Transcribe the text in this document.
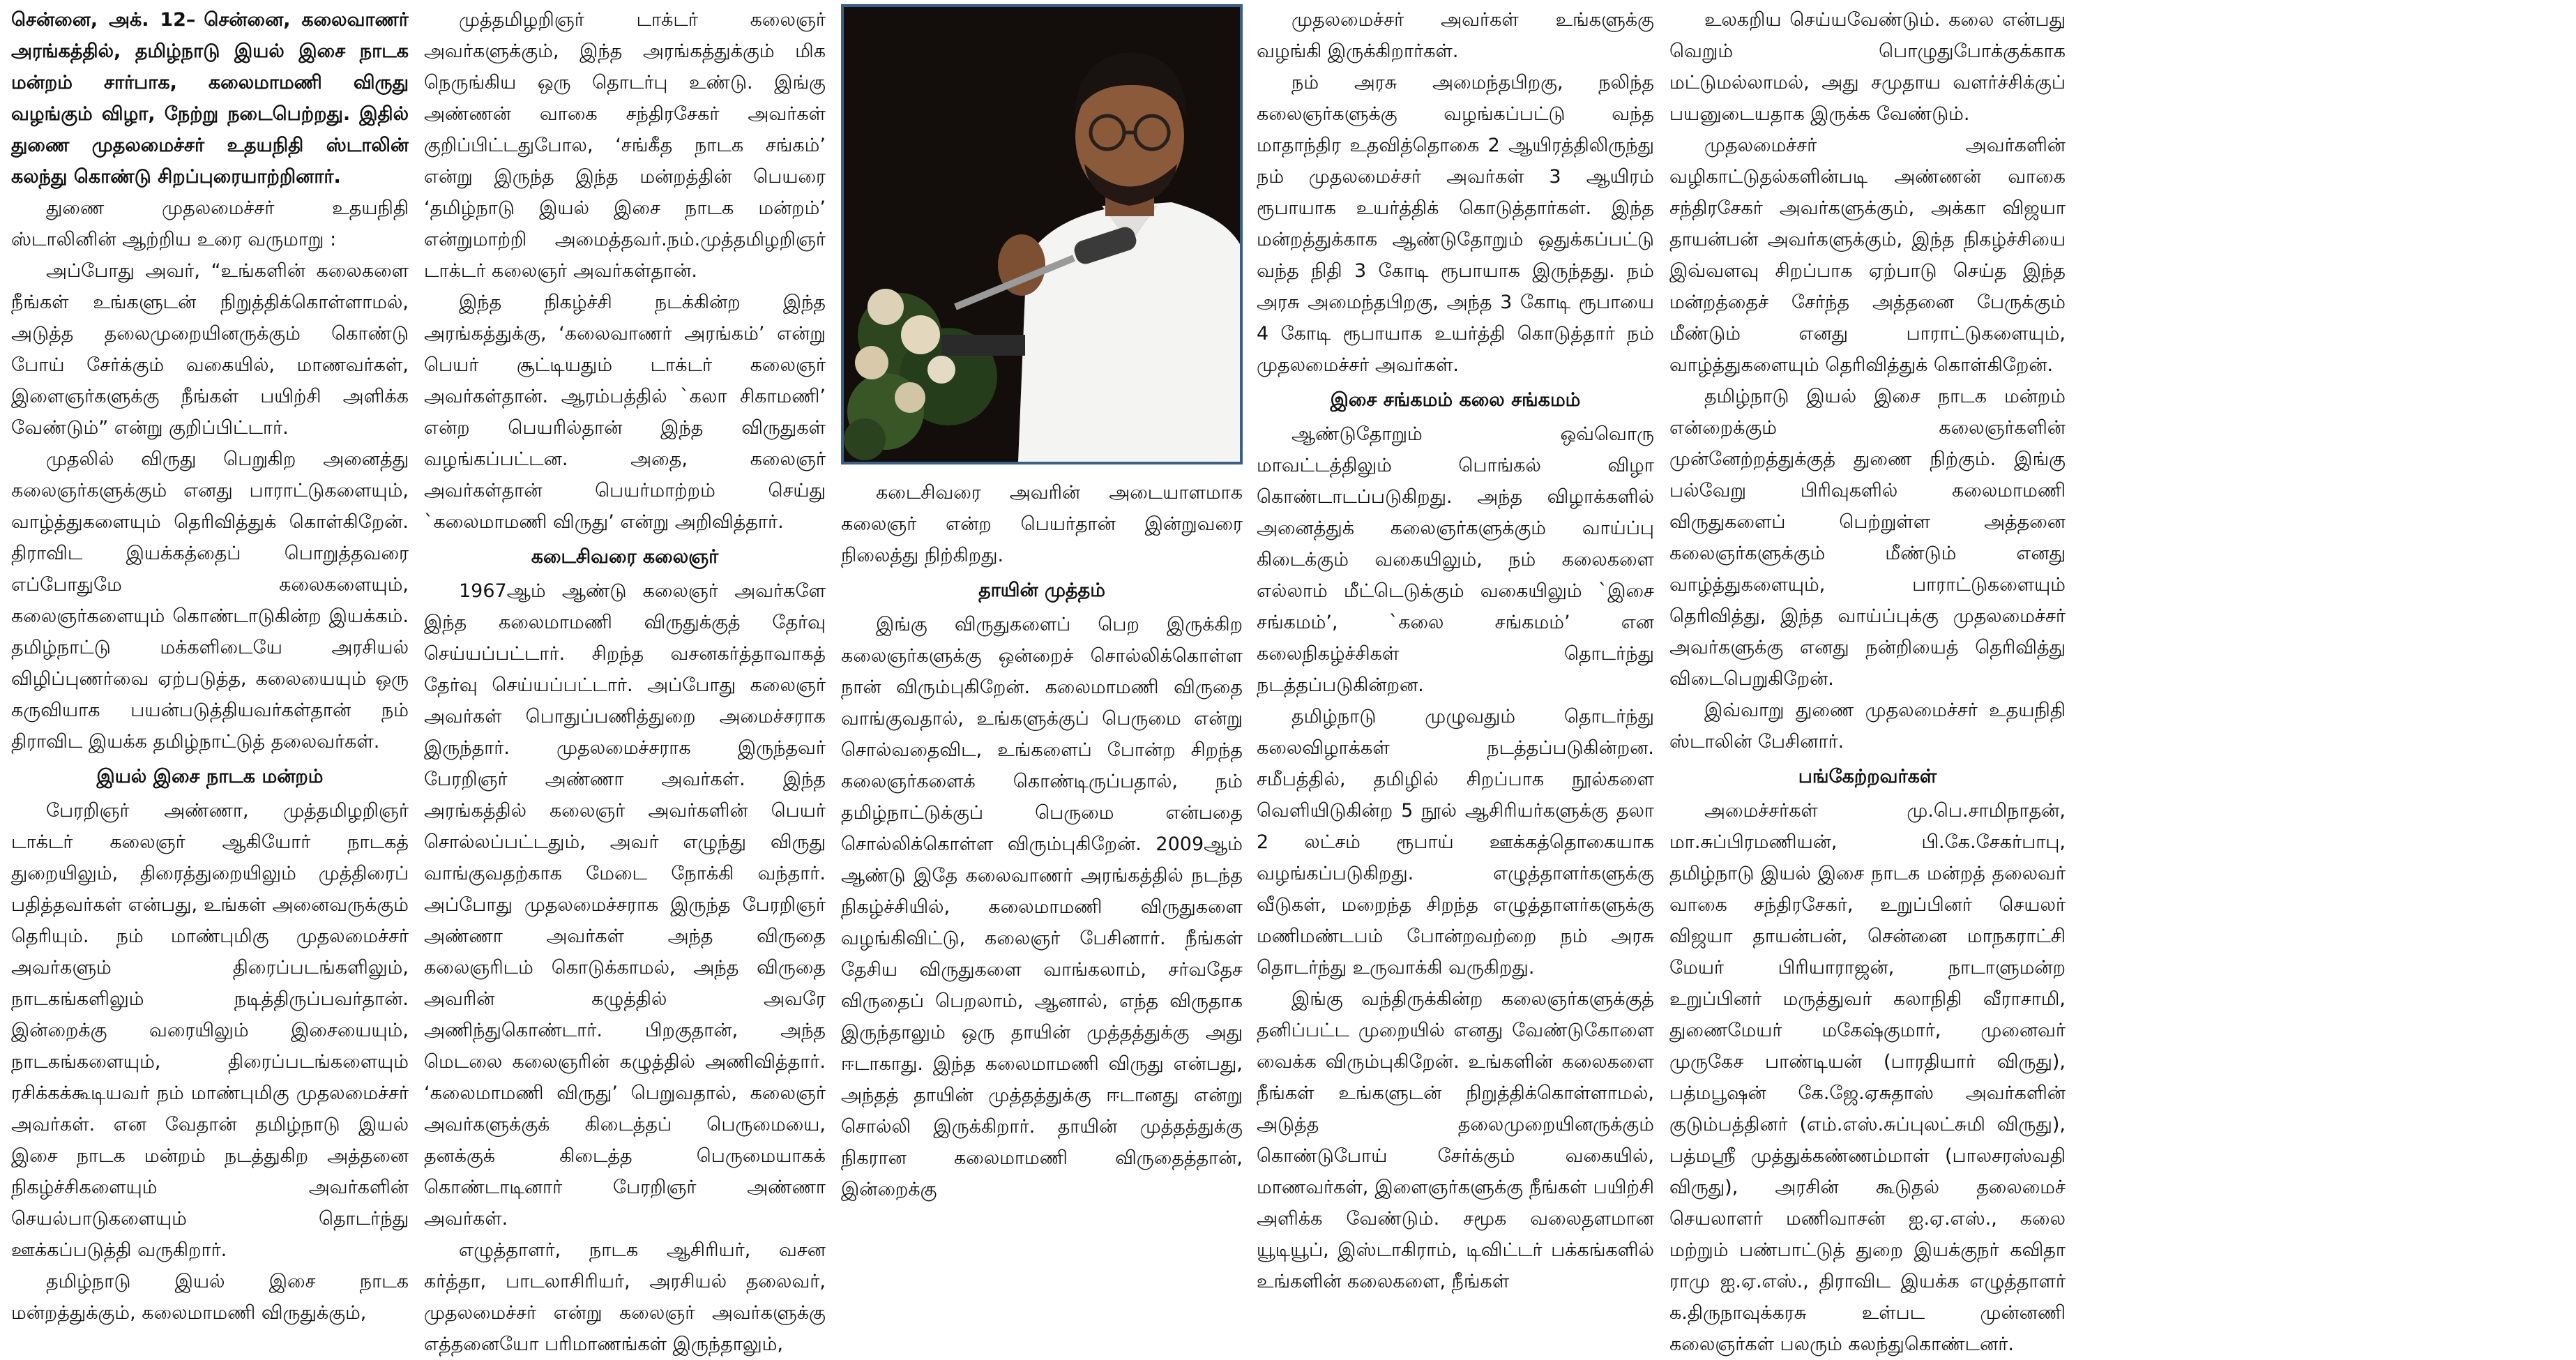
சென்னை, அக். 12– சென்னை, கலைவாணர் அரங்கத்தில், தமிழ்நாடு இயல் இசை நாடக மன்றம் சார்பாக, கலைமாமணி விருது வழங்கும் விழா, நேற்று நடைபெற்றது. இதில் துணை முதலமைச்சர் உதயநிதி ஸ்டாலின் கலந்து கொண்டு சிறப்புரையாற்றினார்.

துணை முதலமைச்சர் உதயநிதி ஸ்டாலினின் ஆற்றிய உரை வருமாறு :

அப்போது அவர், “உங்களின் கலைகளை நீங்கள் உங்களுடன் நிறுத்திக்கொள்ளாமல், அடுத்த தலைமுறையினருக்கும் கொண்டு போய் சேர்க்கும் வகையில், மாணவர்கள், இளைஞர்களுக்கு நீங்கள் பயிற்சி அளிக்க வேண்டும்” என்று குறிப்பிட்டார்.

முதலில் விருது பெறுகிற அனைத்து கலைஞர்களுக்கும் எனது பாராட்டுகளையும், வாழ்த்துகளையும் தெரிவித்துக் கொள்கிறேன். திராவிட இயக்கத்தைப் பொறுத்தவரை எப்போதுமே கலைகளையும், கலைஞர்களையும் கொண்டாடுகின்ற இயக்கம். தமிழ்நாட்டு மக்களிடையே அரசியல் விழிப்புணர்வை ஏற்படுத்த, கலையையும் ஒரு கருவியாக பயன்படுத்தியவர்கள்தான் நம் திராவிட இயக்க தமிழ்நாட்டுத் தலைவர்கள்.

இயல் இசை நாடக மன்றம்

பேரறிஞர் அண்ணா, முத்தமிழறிஞர் டாக்டர் கலைஞர் ஆகியோர் நாடகத் துறையிலும், திரைத்துறையிலும் முத்திரைப் பதித்தவர்கள் என்பது, உங்கள் அனைவருக்கும் தெரியும். நம் மாண்புமிகு முதலமைச்சர் அவர்களும் திரைப்படங்களிலும், நாடகங்களிலும் நடித்திருப்பவர்தான். இன்றைக்கு வரையிலும் இசையையும், நாடகங்களையும், திரைப்படங்களையும் ரசிக்கக்கூடியவர் நம் மாண்புமிகு முதலமைச்சர் அவர்கள். என வேதான் தமிழ்நாடு இயல் இசை நாடக மன்றம் நடத்துகிற அத்தனை நிகழ்ச்சிகளையும் அவர்களின் செயல்பாடுகளையும் தொடர்ந்து ஊக்கப்படுத்தி வருகிறார்.

தமிழ்நாடு இயல் இசை நாடக மன்றத்துக்கும், கலைமாமணி விருதுக்கும்,

முத்தமிழறிஞர் டாக்டர் கலைஞர் அவர்களுக்கும், இந்த அரங்கத்துக்கும் மிக நெருங்கிய ஒரு தொடர்பு உண்டு. இங்கு அண்ணன் வாகை சந்திரசேகர் அவர்கள் குறிப்பிட்டதுபோல, ‘சங்கீத நாடக சங்கம்’ என்று இருந்த இந்த மன்றத்தின் பெயரை ‘தமிழ்நாடு இயல் இசை நாடக மன்றம்’ என்றுமாற்றி அமைத்தவர்.நம்.முத்தமிழறிஞர் டாக்டர் கலைஞர் அவர்கள்தான்.

இந்த நிகழ்ச்சி நடக்கின்ற இந்த அரங்கத்துக்கு, ‘கலைவாணர் அரங்கம்’ என்று பெயர் சூட்டியதும் டாக்டர் கலைஞர் அவர்கள்தான். ஆரம்பத்தில் `கலா சிகாமணி’ என்ற பெயரில்தான் இந்த விருதுகள் வழங்கப்பட்டன. அதை, கலைஞர் அவர்கள்தான் பெயர்மாற்றம் செய்து `கலைமாமணி விருது’ என்று அறிவித்தார்.

கடைசிவரை கலைஞர்

1967ஆம் ஆண்டு கலைஞர் அவர்களே இந்த கலைமாமணி விருதுக்குத் தேர்வு செய்யப்பட்டார். சிறந்த வசனகர்த்தாவாகத் தேர்வு செய்யப்பட்டார். அப்போது கலைஞர் அவர்கள் பொதுப்பணித்துறை அமைச்சராக இருந்தார். முதலமைச்சராக இருந்தவர் பேரறிஞர் அண்ணா அவர்கள். இந்த அரங்கத்தில் கலைஞர் அவர்களின் பெயர் சொல்லப்பட்டதும், அவர் எழுந்து விருது வாங்குவதற்காக மேடை நோக்கி வந்தார். அப்போது முதலமைச்சராக இருந்த பேரறிஞர் அண்ணா அவர்கள் அந்த விருதை கலைஞரிடம் கொடுக்காமல், அந்த விருதை அவரின் கழுத்தில் அவரே அணிந்துகொண்டார். பிறகுதான், அந்த மெடலை கலைஞரின் கழுத்தில் அணிவித்தார். ‘கலைமாமணி விருது’ பெறுவதால், கலைஞர் அவர்களுக்குக் கிடைத்தப் பெருமையை, தனக்குக் கிடைத்த பெருமையாகக் கொண்டாடினார் பேரறிஞர் அண்ணா அவர்கள்.

எழுத்தாளர், நாடக ஆசிரியர், வசன கர்த்தா, பாடலாசிரியர், அரசியல் தலைவர், முதலமைச்சர் என்று கலைஞர் அவர்களுக்கு எத்தனையோ பரிமாணங்கள் இருந்தாலும்,

கடைசிவரை அவரின் அடையாளமாக கலைஞர் என்ற பெயர்தான் இன்றுவரை நிலைத்து நிற்கிறது.

தாயின் முத்தம்

இங்கு விருதுகளைப் பெற இருக்கிற கலைஞர்களுக்கு ஒன்றைச் சொல்லிக்கொள்ள நான் விரும்புகிறேன். கலைமாமணி விருதை வாங்குவதால், உங்களுக்குப் பெருமை என்று சொல்வதைவிட, உங்களைப் போன்ற சிறந்த கலைஞர்களைக் கொண்டிருப்பதால், நம் தமிழ்நாட்டுக்குப் பெருமை என்பதை சொல்லிக்கொள்ள விரும்புகிறேன். 2009ஆம் ஆண்டு இதே கலைவாணர் அரங்கத்தில் நடந்த நிகழ்ச்சியில், கலைமாமணி விருதுகளை வழங்கிவிட்டு, கலைஞர் பேசினார். நீங்கள் தேசிய விருதுகளை வாங்கலாம், சர்வதேச விருதைப் பெறலாம், ஆனால், எந்த விருதாக இருந்தாலும் ஒரு தாயின் முத்தத்துக்கு அது ஈடாகாது. இந்த கலைமாமணி விருது என்பது, அந்தத் தாயின் முத்தத்துக்கு ஈடானது என்று சொல்லி இருக்கிறார். தாயின் முத்தத்துக்கு நிகரான கலைமாமணி விருதைத்தான், இன்றைக்கு

முதலமைச்சர் அவர்கள் உங்களுக்கு வழங்கி இருக்கிறார்கள்.

நம் அரசு அமைந்தபிறகு, நலிந்த கலைஞர்களுக்கு வழங்கப்பட்டு வந்த மாதாந்திர உதவித்தொகை 2 ஆயிரத்திலிருந்து நம் முதலமைச்சர் அவர்கள் 3 ஆயிரம் ரூபாயாக உயர்த்திக் கொடுத்தார்கள். இந்த மன்றத்துக்காக ஆண்டுதோறும் ஒதுக்கப்பட்டு வந்த நிதி 3 கோடி ரூபாயாக இருந்தது. நம் அரசு அமைந்தபிறகு, அந்த 3 கோடி ரூபாயை 4 கோடி ரூபாயாக உயர்த்தி கொடுத்தார் நம் முதலமைச்சர் அவர்கள்.

இசை சங்கமம் கலை சங்கமம்

ஆண்டுதோறும் ஒவ்வொரு மாவட்டத்திலும் பொங்கல் விழா கொண்டாடப்படுகிறது. அந்த விழாக்களில் அனைத்துக் கலைஞர்களுக்கும் வாய்ப்பு கிடைக்கும் வகையிலும், நம் கலைகளை எல்லாம் மீட்டெடுக்கும் வகையிலும் `இசை சங்கமம்’, `கலை சங்கமம்’ என கலைநிகழ்ச்சிகள் தொடர்ந்து நடத்தப்படுகின்றன.

தமிழ்நாடு முழுவதும் தொடர்ந்து கலைவிழாக்கள் நடத்தப்படுகின்றன. சமீபத்தில், தமிழில் சிறப்பாக நூல்களை வெளியிடுகின்ற 5 நூல் ஆசிரியர்களுக்கு தலா 2 லட்சம் ரூபாய் ஊக்கத்தொகையாக வழங்கப்படுகிறது. எழுத்தாளர்களுக்கு வீடுகள், மறைந்த சிறந்த எழுத்தாளர்களுக்கு மணிமண்டபம் போன்றவற்றை நம் அரசு தொடர்ந்து உருவாக்கி வருகிறது.

இங்கு வந்திருக்கின்ற கலைஞர்களுக்குத் தனிப்பட்ட முறையில் எனது வேண்டுகோளை வைக்க விரும்புகிறேன். உங்களின் கலைகளை நீங்கள் உங்களுடன் நிறுத்திக்கொள்ளாமல், அடுத்த தலைமுறையினருக்கும் கொண்டுபோய் சேர்க்கும் வகையில், மாணவர்கள், இளைஞர்களுக்கு நீங்கள் பயிற்சி அளிக்க வேண்டும். சமூக வலைதளமான யூடியூப், இஸ்டாகிராம், டிவிட்டர் பக்கங்களில் உங்களின் கலைகளை, நீங்கள்

உலகறிய செய்யவேண்டும். கலை என்பது வெறும் பொழுதுபோக்குக்காக மட்டுமல்லாமல், அது சமுதாய வளர்ச்சிக்குப் பயனுடையதாக இருக்க வேண்டும்.

முதலமைச்சர் அவர்களின் வழிகாட்டுதல்களின்படி அண்ணன் வாகை சந்திரசேகர் அவர்களுக்கும், அக்கா விஜயா தாயன்பன் அவர்களுக்கும், இந்த நிகழ்ச்சியை இவ்வளவு சிறப்பாக ஏற்பாடு செய்த இந்த மன்றத்தைச் சேர்ந்த அத்தனை பேருக்கும் மீண்டும் எனது பாராட்டுகளையும், வாழ்த்துகளையும் தெரிவித்துக் கொள்கிறேன்.

தமிழ்நாடு இயல் இசை நாடக மன்றம் என்றைக்கும் கலைஞர்களின் முன்னேற்றத்துக்குத் துணை நிற்கும். இங்கு பல்வேறு பிரிவுகளில் கலைமாமணி விருதுகளைப் பெற்றுள்ள அத்தனை கலைஞர்களுக்கும் மீண்டும் எனது வாழ்த்துகளையும், பாராட்டுகளையும் தெரிவித்து, இந்த வாய்ப்புக்கு முதலமைச்சர் அவர்களுக்கு எனது நன்றியைத் தெரிவித்து விடைபெறுகிறேன்.

இவ்வாறு துணை முதலமைச்சர் உதயநிதி ஸ்டாலின் பேசினார்.

பங்கேற்றவர்கள்

அமைச்சர்கள் மு.பெ.சாமிநாதன், மா.சுப்பிரமணியன், பி.கே.சேகர்பாபு, தமிழ்நாடு இயல் இசை நாடக மன்றத் தலைவர் வாகை சந்திரசேகர், உறுப்பினர் செயலர் விஜயா தாயன்பன், சென்னை மாநகராட்சி மேயர் பிரியாராஜன், நாடாளுமன்ற உறுப்பினர் மருத்துவர் கலாநிதி வீராசாமி, துணைமேயர் மகேஷ்குமார், முனைவர் முருகேச பாண்டியன் (பாரதியார் விருது), பத்மபூஷன் கே.ஜே.ஏசுதாஸ் அவர்களின் குடும்பத்தினர் (எம்.எஸ்.சுப்புலட்சுமி விருது), பத்மஸ்ரீ முத்துக்கண்ணம்மாள் (பாலசரஸ்வதி விருது), அரசின் கூடுதல் தலைமைச் செயலாளர் மணிவாசன் ஐ.ஏ.எஸ்., கலை மற்றும் பண்பாட்டுத் துறை இயக்குநர் கவிதா ராமு ஐ.ஏ.எஸ்., திராவிட இயக்க எழுத்தாளர் க.திருநாவுக்கரசு உள்பட முன்னணி கலைஞர்கள் பலரும் கலந்துகொண்டனர்.
